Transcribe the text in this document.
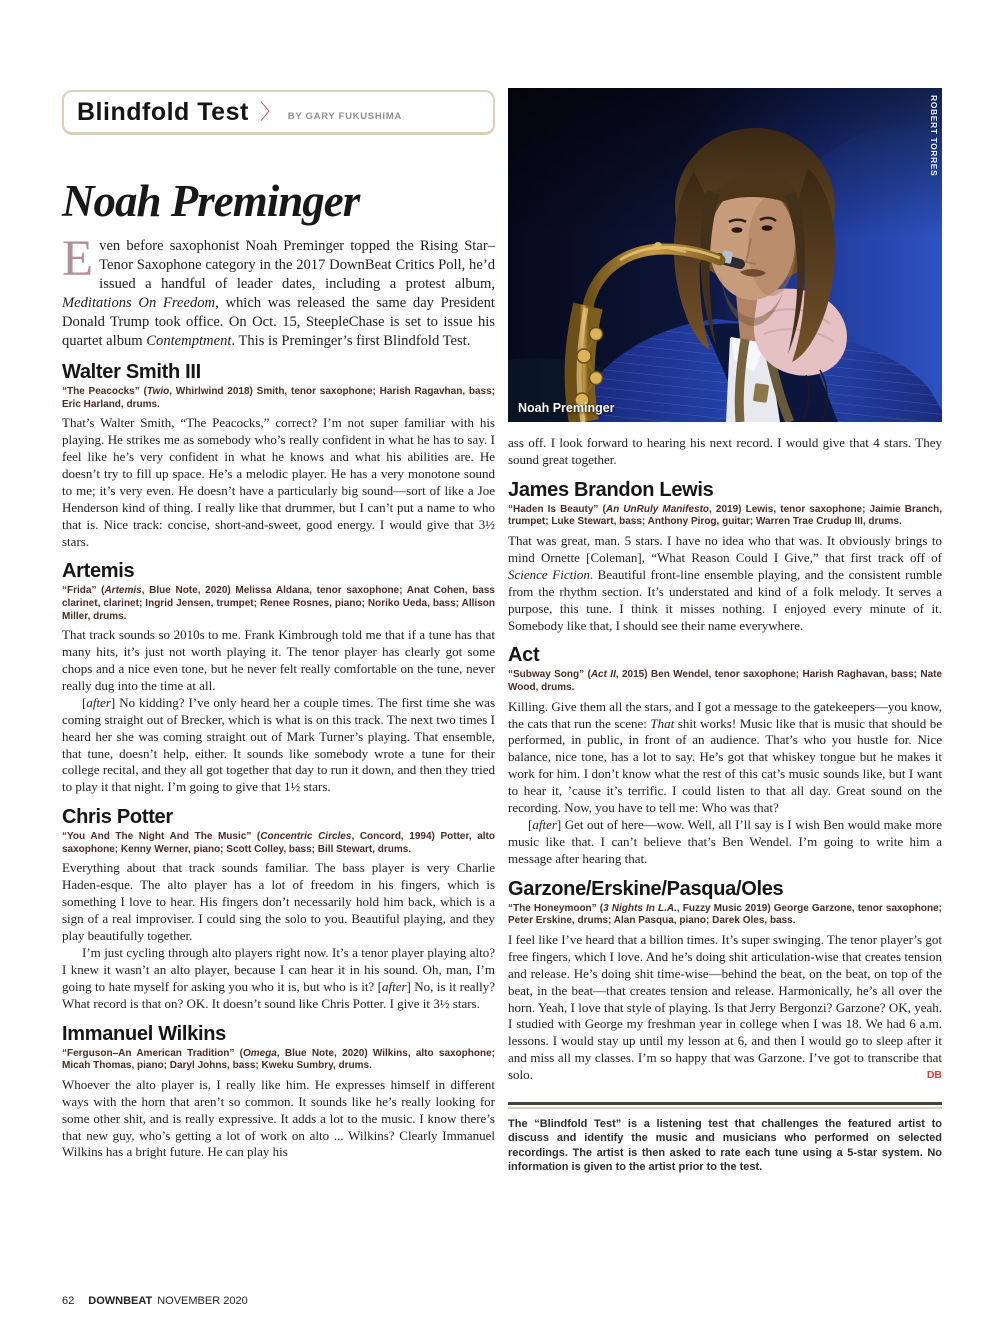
Blindfold Test 〉 BY GARY FUKUSHIMA
Noah Preminger

Even before saxophonist Noah Preminger topped the Rising Star–Tenor Saxophone category in the 2017 DownBeat Critics Poll, he’d issued a handful of leader dates, including a protest album, Meditations On Freedom, which was released the same day President Donald Trump took office. On Oct. 15, SteepleChase is set to issue his quartet album Contemptment. This is Preminger’s first Blindfold Test.

Walter Smith III

“The Peacocks” (Twio, Whirlwind 2018) Smith, tenor saxophone; Harish Ragavhan, bass; Eric Harland, drums.

That’s Walter Smith, “The Peacocks,” correct? I’m not super familiar with his playing. He strikes me as somebody who’s really confident in what he has to say. I feel like he’s very confident in what he knows and what his abilities are. He doesn’t try to fill up space. He’s a melodic player. He has a very monotone sound to me; it’s very even. He doesn’t have a particularly big sound—sort of like a Joe Henderson kind of thing. I really like that drummer, but I can’t put a name to who that is. Nice track: concise, short-and-sweet, good energy. I would give that 3½ stars.

Artemis

“Frida” (Artemis, Blue Note, 2020) Melissa Aldana, tenor saxophone; Anat Cohen, bass clarinet, clarinet; Ingrid Jensen, trumpet; Renee Rosnes, piano; Noriko Ueda, bass; Allison Miller, drums.

That track sounds so 2010s to me. Frank Kimbrough told me that if a tune has that many hits, it’s just not worth playing it. The tenor player has clearly got some chops and a nice even tone, but he never felt really comfortable on the tune, never really dug into the time at all.

[after] No kidding? I’ve only heard her a couple times. The first time she was coming straight out of Brecker, which is what is on this track. The next two times I heard her she was coming straight out of Mark Turner’s playing. That ensemble, that tune, doesn’t help, either. It sounds like somebody wrote a tune for their college recital, and they all got together that day to run it down, and then they tried to play it that night. I’m going to give that 1½ stars.

Chris Potter

“You And The Night And The Music” (Concentric Circles, Concord, 1994) Potter, alto saxophone; Kenny Werner, piano; Scott Colley, bass; Bill Stewart, drums.

Everything about that track sounds familiar. The bass player is very Charlie Haden-esque. The alto player has a lot of freedom in his fingers, which is something I love to hear. His fingers don’t necessarily hold him back, which is a sign of a real improviser. I could sing the solo to you. Beautiful playing, and they play beautifully together.

I’m just cycling through alto players right now. It’s a tenor player playing alto? I knew it wasn’t an alto player, because I can hear it in his sound. Oh, man, I’m going to hate myself for asking you who it is, but who is it? [after] No, is it really? What record is that on? OK. It doesn’t sound like Chris Potter. I give it 3½ stars.

Immanuel Wilkins

“Ferguson–An American Tradition” (Omega, Blue Note, 2020) Wilkins, alto saxophone; Micah Thomas, piano; Daryl Johns, bass; Kweku Sumbry, drums.

Whoever the alto player is, I really like him. He expresses himself in different ways with the horn that aren’t so common. It sounds like he’s really looking for some other shit, and is really expressive. It adds a lot to the music. I know there’s that new guy, who’s getting a lot of work on alto ... Wilkins? Clearly Immanuel Wilkins has a bright future. He can play his

Noah Preminger
ROBERT TORRES

ass off. I look forward to hearing his next record. I would give that 4 stars. They sound great together.

James Brandon Lewis

“Haden Is Beauty” (An UnRuly Manifesto, 2019) Lewis, tenor saxophone; Jaimie Branch, trumpet; Luke Stewart, bass; Anthony Pirog, guitar; Warren Trae Crudup III, drums.

That was great, man. 5 stars. I have no idea who that was. It obviously brings to mind Ornette [Coleman], “What Reason Could I Give,” that first track off of Science Fiction. Beautiful front-line ensemble playing, and the consistent rumble from the rhythm section. It’s understated and kind of a folk melody. It serves a purpose, this tune. I think it misses nothing. I enjoyed every minute of it. Somebody like that, I should see their name everywhere.

Act

“Subway Song” (Act II, 2015) Ben Wendel, tenor saxophone; Harish Raghavan, bass; Nate Wood, drums.

Killing. Give them all the stars, and I got a message to the gatekeepers—you know, the cats that run the scene: That shit works! Music like that is music that should be performed, in public, in front of an audience. That’s who you hustle for. Nice balance, nice tone, has a lot to say. He’s got that whiskey tongue but he makes it work for him. I don’t know what the rest of this cat’s music sounds like, but I want to hear it, ’cause it’s terrific. I could listen to that all day. Great sound on the recording. Now, you have to tell me: Who was that?

[after] Get out of here—wow. Well, all I’ll say is I wish Ben would make more music like that. I can’t believe that’s Ben Wendel. I’m going to write him a message after hearing that.

Garzone/Erskine/Pasqua/Oles

“The Honeymoon” (3 Nights In L.A., Fuzzy Music 2019) George Garzone, tenor saxophone; Peter Erskine, drums; Alan Pasqua, piano; Darek Oles, bass.

I feel like I’ve heard that a billion times. It’s super swinging. The tenor player’s got free fingers, which I love. And he’s doing shit articulation-wise that creates tension and release. He’s doing shit time-wise—behind the beat, on the beat, on top of the beat, in the beat—that creates tension and release. Harmonically, he’s all over the horn. Yeah, I love that style of playing. Is that Jerry Bergonzi? Garzone? OK, yeah. I studied with George my freshman year in college when I was 18. We had 6 a.m. lessons. I would stay up until my lesson at 6, and then I would go to sleep after it and miss all my classes. I’m so happy that was Garzone. I’ve got to transcribe that solo.	DB

The “Blindfold Test” is a listening test that challenges the featured artist to discuss and identify the music and musicians who performed on selected recordings. The artist is then asked to rate each tune using a 5-star system. No information is given to the artist prior to the test.
62 DOWNBEAT NOVEMBER 2020
